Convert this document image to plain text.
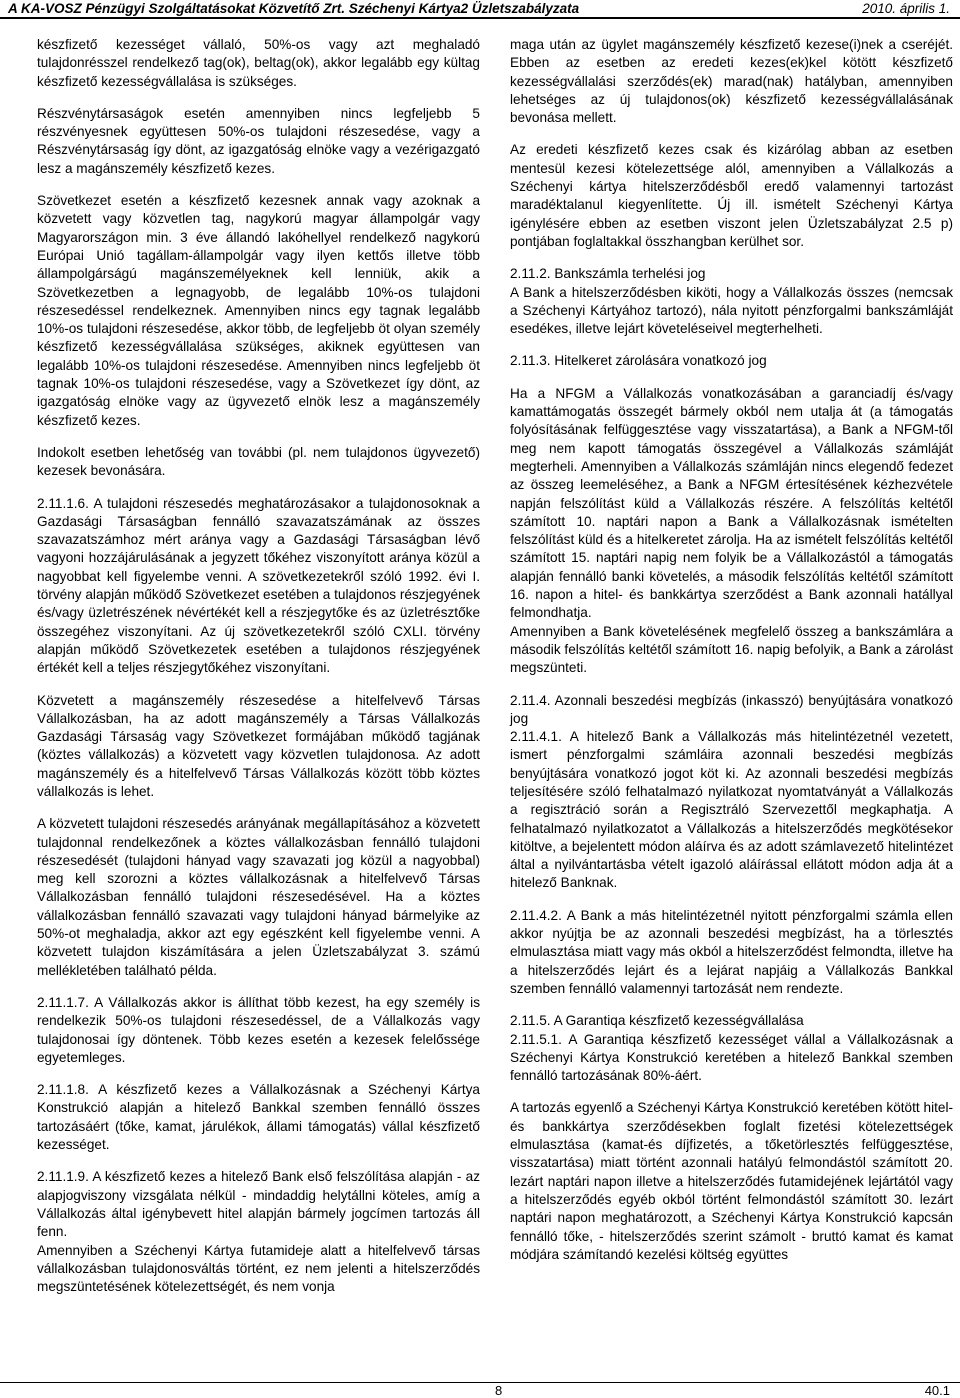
A KA-VOSZ Pénzügyi Szolgáltatásokat Közvetítő Zrt. Széchenyi Kártya2 Üzletszabályzata	2010. április 1.

készfizető kezességet vállaló, 50%-os vagy azt meghaladó tulajdonrésszel rendelkező tag(ok), beltag(ok), akkor legalább egy kültag készfizető kezességvállalása is szükséges.

Részvénytársaságok esetén amennyiben nincs legfeljebb 5 részvényesnek együttesen 50%-os tulajdoni részesedése, vagy a Részvénytársaság így dönt, az igazgatóság elnöke vagy a vezérigazgató lesz a magánszemély készfizető kezes.

Szövetkezet esetén a készfizető kezesnek annak vagy azoknak a közvetett vagy közvetlen tag, nagykorú magyar állampolgár vagy Magyarországon min. 3 éve állandó lakóhellyel rendelkező nagykorú Európai Unió tagállam-állampolgár vagy ilyen kettős illetve több állampolgárságú magánszemélyeknek kell lenniük, akik a Szövetkezetben a legnagyobb, de legalább 10%-os tulajdoni részesedéssel rendelkeznek. Amennyiben nincs egy tagnak legalább 10%-os tulajdoni részesedése, akkor több, de legfeljebb öt olyan személy készfizető kezességvállalása szükséges, akiknek együttesen van legalább 10%-os tulajdoni részesedése. Amennyiben nincs legfeljebb öt tagnak 10%-os tulajdoni részesedése, vagy a Szövetkezet így dönt, az igazgatóság elnöke vagy az ügyvezető elnök lesz a magánszemély készfizető kezes.

Indokolt esetben lehetőség van további (pl. nem tulajdonos ügyvezető) kezesek bevonására.

2.11.1.6. A tulajdoni részesedés meghatározásakor a tulajdonosoknak a Gazdasági Társaságban fennálló szavazatszámának az összes szavazatszámhoz mért aránya vagy a Gazdasági Társaságban lévő vagyoni hozzájárulásának a jegyzett tőkéhez viszonyított aránya közül a nagyobbat kell figyelembe venni. A szövetkezetekről szóló 1992. évi I. törvény alapján működő Szövetkezet esetében a tulajdonos részjegyének és/vagy üzletrészének névértékét kell a részjegytőke és az üzletrésztőke összegéhez viszonyítani. Az új szövetkezetekről szóló CXLI. törvény alapján működő Szövetkezetek esetében a tulajdonos részjegyének értékét kell a teljes részjegytőkéhez viszonyítani.

Közvetett a magánszemély részesedése a hitelfelvevő Társas Vállalkozásban, ha az adott magánszemély a Társas Vállalkozás Gazdasági Társaság vagy Szövetkezet formájában működő tagjának (köztes vállalkozás) a közvetett vagy közvetlen tulajdonosa. Az adott magánszemély és a hitelfelvevő Társas Vállalkozás között több köztes vállalkozás is lehet.

A közvetett tulajdoni részesedés arányának megállapításához a közvetett tulajdonnal rendelkezőnek a köztes vállalkozásban fennálló tulajdoni részesedését (tulajdoni hányad vagy szavazati jog közül a nagyobbal) meg kell szorozni a köztes vállalkozásnak a hitelfelvevő Társas Vállalkozásban fennálló tulajdoni részesedésével. Ha a köztes vállalkozásban fennálló szavazati vagy tulajdoni hányad bármelyike az 50%-ot meghaladja, akkor azt egy egészként kell figyelembe venni. A közvetett tulajdon kiszámítására a jelen Üzletszabályzat 3. számú mellékletében található példa.

2.11.1.7. A Vállalkozás akkor is állíthat több kezest, ha egy személy is rendelkezik 50%-os tulajdoni részesedéssel, de a Vállalkozás vagy tulajdonosai így döntenek. Több kezes esetén a kezesek felelőssége egyetemleges.

2.11.1.8. A készfizető kezes a Vállalkozásnak a Széchenyi Kártya Konstrukció alapján a hitelező Bankkal szemben fennálló összes tartozásáért (tőke, kamat, járulékok, állami támogatás) vállal készfizető kezességet.

2.11.1.9. A készfizető kezes a hitelező Bank első felszólítása alapján - az alapjogviszony vizsgálata nélkül - mindaddig helytállni köteles, amíg a Vállalkozás által igénybevett hitel alapján bármely jogcímen tartozás áll fenn.

Amennyiben a Széchenyi Kártya futamideje alatt a hitelfelvevő társas vállalkozásban tulajdonosváltás történt, ez nem jelenti a hitelszerződés megszüntetésének kötelezettségét, és nem vonja

maga után az ügylet magánszemély készfizető kezese(i)nek a cseréjét. Ebben az esetben az eredeti kezes(ek)kel kötött készfizető kezességvállalási szerződés(ek) marad(nak) hatályban, amennyiben lehetséges az új tulajdonos(ok) készfizető kezességvállalásának bevonása mellett.

Az eredeti készfizető kezes csak és kizárólag abban az esetben mentesül kezesi kötelezettsége alól, amennyiben a Vállalkozás a Széchenyi kártya hitelszerződésből eredő valamennyi tartozást maradéktalanul kiegyenlítette. Új ill. ismételt Széchenyi Kártya igénylésére ebben az esetben viszont jelen Üzletszabályzat 2.5 p) pontjában foglaltakkal összhangban kerülhet sor.

2.11.2. Bankszámla terhelési jog

A Bank a hitelszerződésben kiköti, hogy a Vállalkozás összes (nemcsak a Széchenyi Kártyához tartozó), nála nyitott pénzforgalmi bankszámláját esedékes, illetve lejárt követeléseivel megterhelheti.

2.11.3. Hitelkeret zárolására vonatkozó jog

Ha a NFGM a Vállalkozás vonatkozásában a garanciadíj és/vagy kamattámogatás összegét bármely okból nem utalja át (a támogatás folyósításának felfüggesztése vagy visszatartása), a Bank a NFGM-től meg nem kapott támogatás összegével a Vállalkozás számláját megterheli. Amennyiben a Vállalkozás számláján nincs elegendő fedezet az összeg leemeléséhez, a Bank a NFGM értesítésének kézhezvétele napján felszólítást küld a Vállalkozás részére. A felszólítás keltétől számított 10. naptári napon a Bank a Vállalkozásnak ismételten felszólítást küld és a hitelkeretet zárolja. Ha az ismételt felszólítás keltétől számított 15. naptári napig nem folyik be a Vállalkozástól a támogatás alapján fennálló banki követelés, a második felszólítás keltétől számított 16. napon a hitel- és bankkártya szerződést a Bank azonnali hatállyal felmondhatja.

Amennyiben a Bank követelésének megfelelő összeg a bankszámlára a második felszólítás keltétől számított 16. napig befolyik, a Bank a zárolást megszünteti.

2.11.4. Azonnali beszedési megbízás (inkasszó) benyújtására vonatkozó jog

2.11.4.1. A hitelező Bank a Vállalkozás más hitelintézetnél vezetett, ismert pénzforgalmi számláira azonnali beszedési megbízás benyújtására vonatkozó jogot köt ki. Az azonnali beszedési megbízás teljesítésére szóló felhatalmazó nyilatkozat nyomtatványát a Vállalkozás a regisztráció során a Regisztráló Szervezettől megkaphatja. A felhatalmazó nyilatkozatot a Vállalkozás a hitelszerződés megkötésekor kitöltve, a bejelentett módon aláírva és az adott számlavezető hitelintézet által a nyilvántartásba vételt igazoló aláírással ellátott módon adja át a hitelező Banknak.

2.11.4.2. A Bank a más hitelintézetnél nyitott pénzforgalmi számla ellen akkor nyújtja be az azonnali beszedési megbízást, ha a törlesztés elmulasztása miatt vagy más okból a hitelszerződést felmondta, illetve ha a hitelszerződés lejárt és a lejárat napjáig a Vállalkozás Bankkal szemben fennálló valamennyi tartozását nem rendezte.

2.11.5. A Garantiqa készfizető kezességvállalása

2.11.5.1. A Garantiqa készfizető kezességet vállal a Vállalkozásnak a Széchenyi Kártya Konstrukció keretében a hitelező Bankkal szemben fennálló tartozásának 80%-áért.

A tartozás egyenlő a Széchenyi Kártya Konstrukció keretében kötött hitel- és bankkártya szerződésekben foglalt fizetési kötelezettségek elmulasztása (kamat-és díjfizetés, a tőketörlesztés felfüggesztése, visszatartása) miatt történt azonnali hatályú felmondástól számított 20. lezárt naptári napon illetve a hitelszerződés futamidejének lejártától vagy a hitelszerződés egyéb okból történt felmondástól számított 30. lezárt naptári napon meghatározott, a Széchenyi Kártya Konstrukció kapcsán fennálló tőke, - hitelszerződés szerint számolt - bruttó kamat és kamat módjára számítandó kezelési költség együttes

8	40.1
